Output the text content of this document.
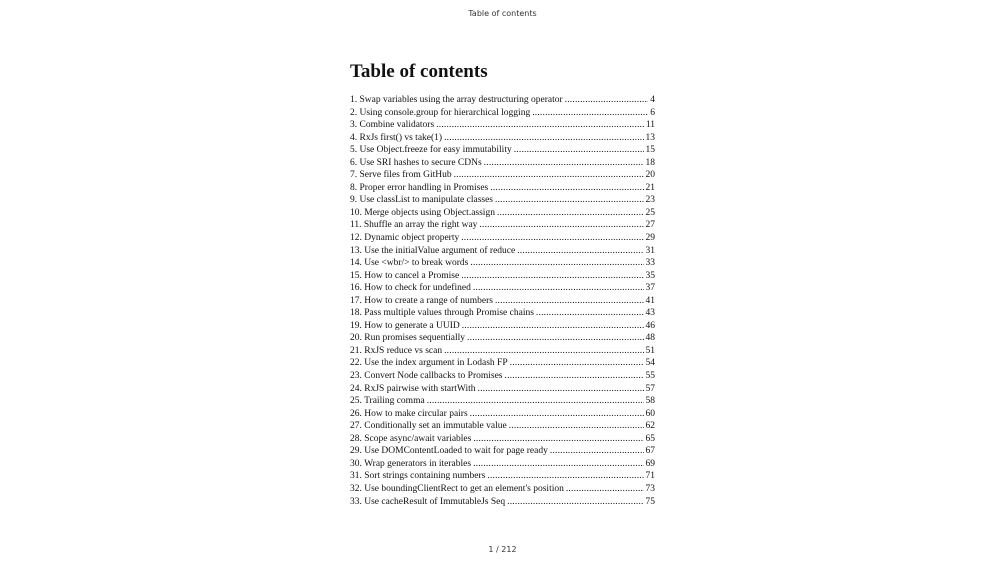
Table of contents
Table of contents
1. Swap variables using the array destructuring operator .....	4
2. Using console.group for hierarchical logging .....	6
3. Combine validators .....	11
4. RxJs first() vs take(1) .....	13
5. Use Object.freeze for easy immutability .....	15
6. Use SRI hashes to secure CDNs .....	18
7. Serve files from GitHub .....	20
8. Proper error handling in Promises .....	21
9. Use classList to manipulate classes .....	23
10. Merge objects using Object.assign .....	25
11. Shuffle an array the right way .....	27
12. Dynamic object property .....	29
13. Use the initialValue argument of reduce .....	31
14. Use <wbr/> to break words .....	33
15. How to cancel a Promise .....	35
16. How to check for undefined .....	37
17. How to create a range of numbers .....	41
18. Pass multiple values through Promise chains .....	43
19. How to generate a UUID .....	46
20. Run promises sequentially .....	48
21. RxJS reduce vs scan .....	51
22. Use the index argument in Lodash FP .....	54
23. Convert Node callbacks to Promises .....	55
24. RxJS pairwise with startWith .....	57
25. Trailing comma .....	58
26. How to make circular pairs .....	60
27. Conditionally set an immutable value .....	62
28. Scope async/await variables .....	65
29. Use DOMContentLoaded to wait for page ready .....	67
30. Wrap generators in iterables .....	69
31. Sort strings containing numbers .....	71
32. Use boundingClientRect to get an element's position .....	73
33. Use cacheResult of ImmutableJs Seq .....	75
1 / 212
